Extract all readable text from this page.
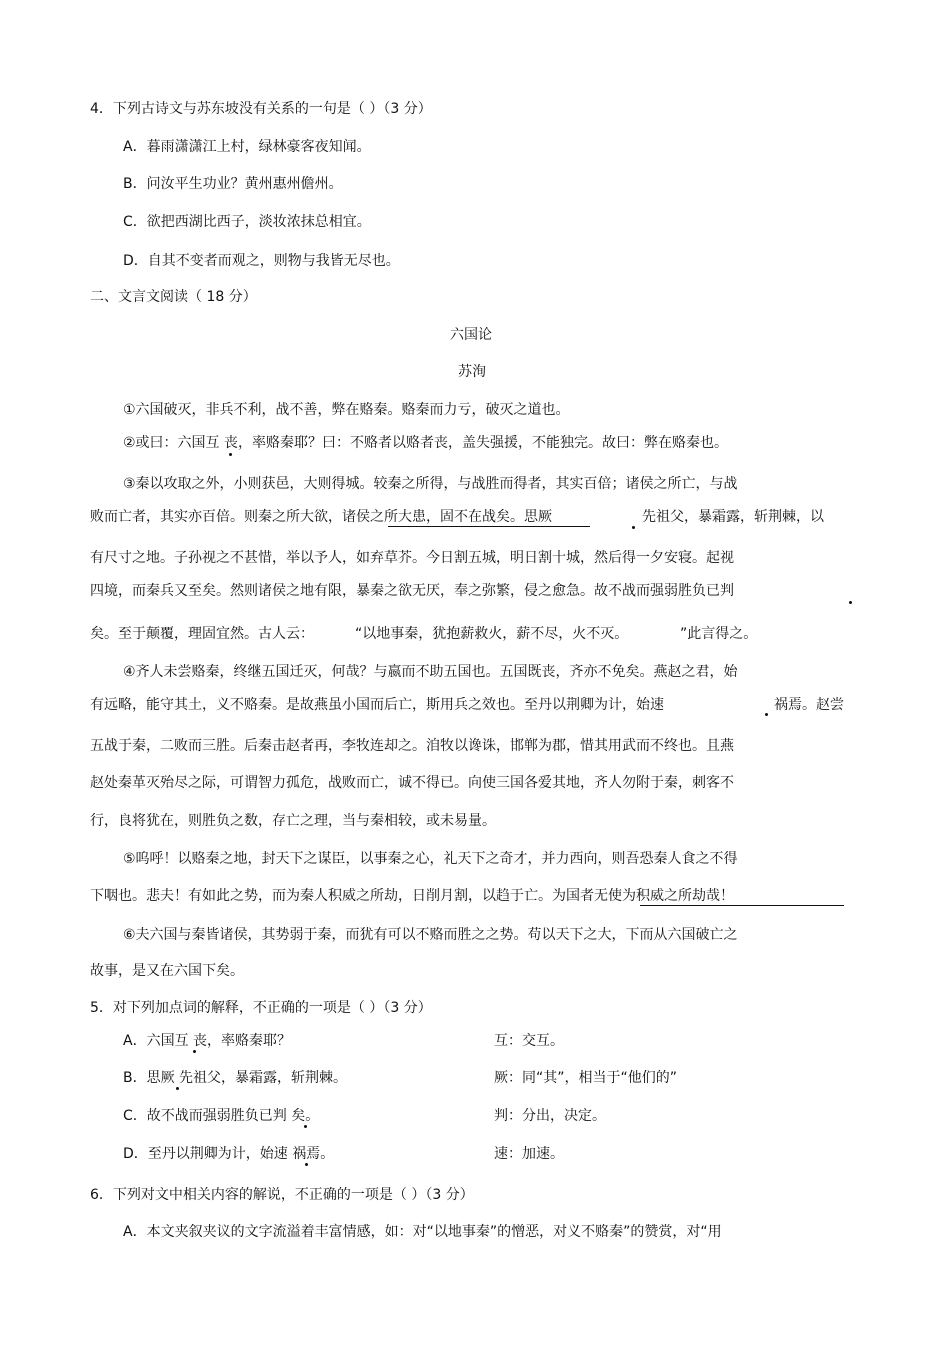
4．下列古诗文与苏东坡没有关系的一句是（ ）（3 分）
A．暮雨潇潇江上村，绿林豪客夜知闻。
B．问汝平生功业？黄州惠州儋州。
C．欲把西湖比西子，淡妆浓抹总相宜。
D．自其不变者而观之，则物与我皆无尽也。
二、文言文阅读（ 18 分）
六国论
苏洵
①六国破灭，非兵不利，战不善，弊在赂秦。赂秦而力亏，破灭之道也。
②或曰：六国互 丧，率赂秦耶？曰：不赂者以赂者丧，盖失强援，不能独完。故曰：弊在赂秦也。
③秦以攻取之外，小则获邑，大则得城。较秦之所得，与战胜而得者，其实百倍；诸侯之所亡，与战
败而亡者，其实亦百倍。则秦之所大欲，诸侯之所大患，固不在战矣。思厥	先祖父，暴霜露，斩荆棘，以
有尺寸之地。子孙视之不甚惜，举以予人，如弃草芥。今日割五城，明日割十城，然后得一夕安寝。起视
四境，而秦兵又至矣。然则诸侯之地有限，暴秦之欲无厌，奉之弥繁，侵之愈急。故不战而强弱胜负已判
矣。至于颠覆，理固宜然。古人云：	“以地事秦，犹抱薪救火，薪不尽，火不灭。	”此言得之。
④齐人未尝赂秦，终继五国迁灭，何哉？与嬴而不助五国也。五国既丧，齐亦不免矣。燕赵之君，始
有远略，能守其土，义不赂秦。是故燕虽小国而后亡，斯用兵之效也。至丹以荆卿为计，始速	祸焉。赵尝
五战于秦，二败而三胜。后秦击赵者再，李牧连却之。洎牧以谗诛，邯郸为郡，惜其用武而不终也。且燕
赵处秦革灭殆尽之际，可谓智力孤危，战败而亡，诚不得已。向使三国各爱其地，齐人勿附于秦，刺客不
行，良将犹在，则胜负之数，存亡之理，当与秦相较，或未易量。
⑤呜呼！以赂秦之地，封天下之谋臣，以事秦之心，礼天下之奇才，并力西向，则吾恐秦人食之不得
下咽也。悲夫！有如此之势，而为秦人积威之所劫，日削月割，以趋于亡。为国者无使为积威之所劫哉！
⑥夫六国与秦皆诸侯，其势弱于秦，而犹有可以不赂而胜之之势。苟以天下之大，下而从六国破亡之
故事，是又在六国下矣。
5．对下列加点词的解释，不正确的一项是（ ）（3 分）
A．六国互 丧，率赂秦耶？	互：交互。
B．思厥 先祖父，暴霜露，斩荆棘。	厥：同“其”，相当于“他们的”
C．故不战而强弱胜负已判 矣。	判：分出，决定。
D．至丹以荆卿为计，始速 祸焉。	速：加速。
6．下列对文中相关内容的解说，不正确的一项是（ ）（3 分）
A．本文夹叙夹议的文字流溢着丰富情感，如：对“以地事秦”的憎恶，对义不赂秦”的赞赏，对“用
